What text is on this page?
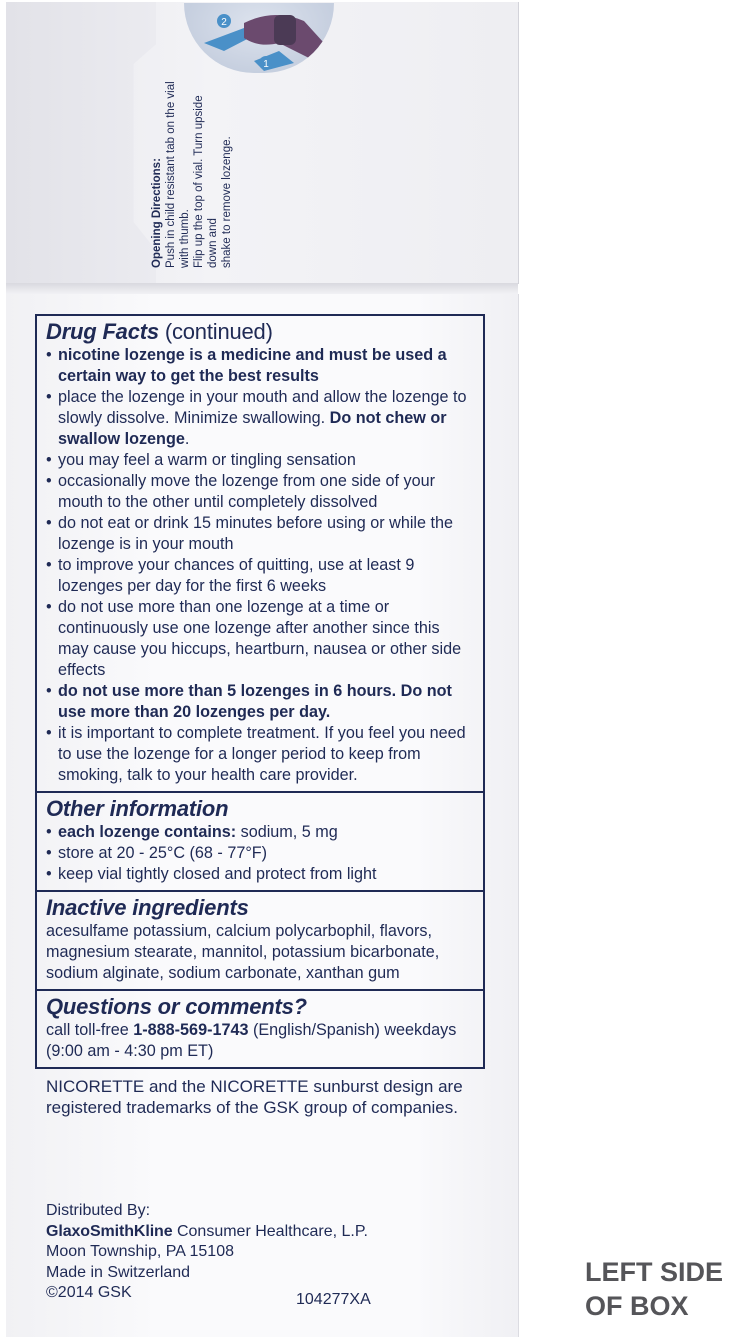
2
1
Opening Directions: Push in child resistant tab on the vial with thumb. Flip up the top of vial. Turn upside down and shake to remove lozenge.
Drug Facts (continued)
• nicotine lozenge is a medicine and must be used a certain way to get the best results
• place the lozenge in your mouth and allow the lozenge to slowly dissolve. Minimize swallowing. Do not chew or swallow lozenge.
• you may feel a warm or tingling sensation
• occasionally move the lozenge from one side of your mouth to the other until completely dissolved
• do not eat or drink 15 minutes before using or while the lozenge is in your mouth
• to improve your chances of quitting, use at least 9 lozenges per day for the first 6 weeks
• do not use more than one lozenge at a time or continuously use one lozenge after another since this may cause you hiccups, heartburn, nausea or other side effects
• do not use more than 5 lozenges in 6 hours. Do not use more than 20 lozenges per day.
• it is important to complete treatment. If you feel you need to use the lozenge for a longer period to keep from smoking, talk to your health care provider.
Other information
• each lozenge contains: sodium, 5 mg
• store at 20 - 25°C (68 - 77°F)
• keep vial tightly closed and protect from light
Inactive ingredients
acesulfame potassium, calcium polycarbophil, flavors, magnesium stearate, mannitol, potassium bicarbonate, sodium alginate, sodium carbonate, xanthan gum
Questions or comments?
call toll-free 1-888-569-1743 (English/Spanish) weekdays (9:00 am - 4:30 pm ET)
NICORETTE and the NICORETTE sunburst design are registered trademarks of the GSK group of companies.
Distributed By:
GlaxoSmithKline Consumer Healthcare, L.P.
Moon Township, PA 15108
Made in Switzerland
©2014 GSK	104277XA
LEFT SIDE
OF BOX
